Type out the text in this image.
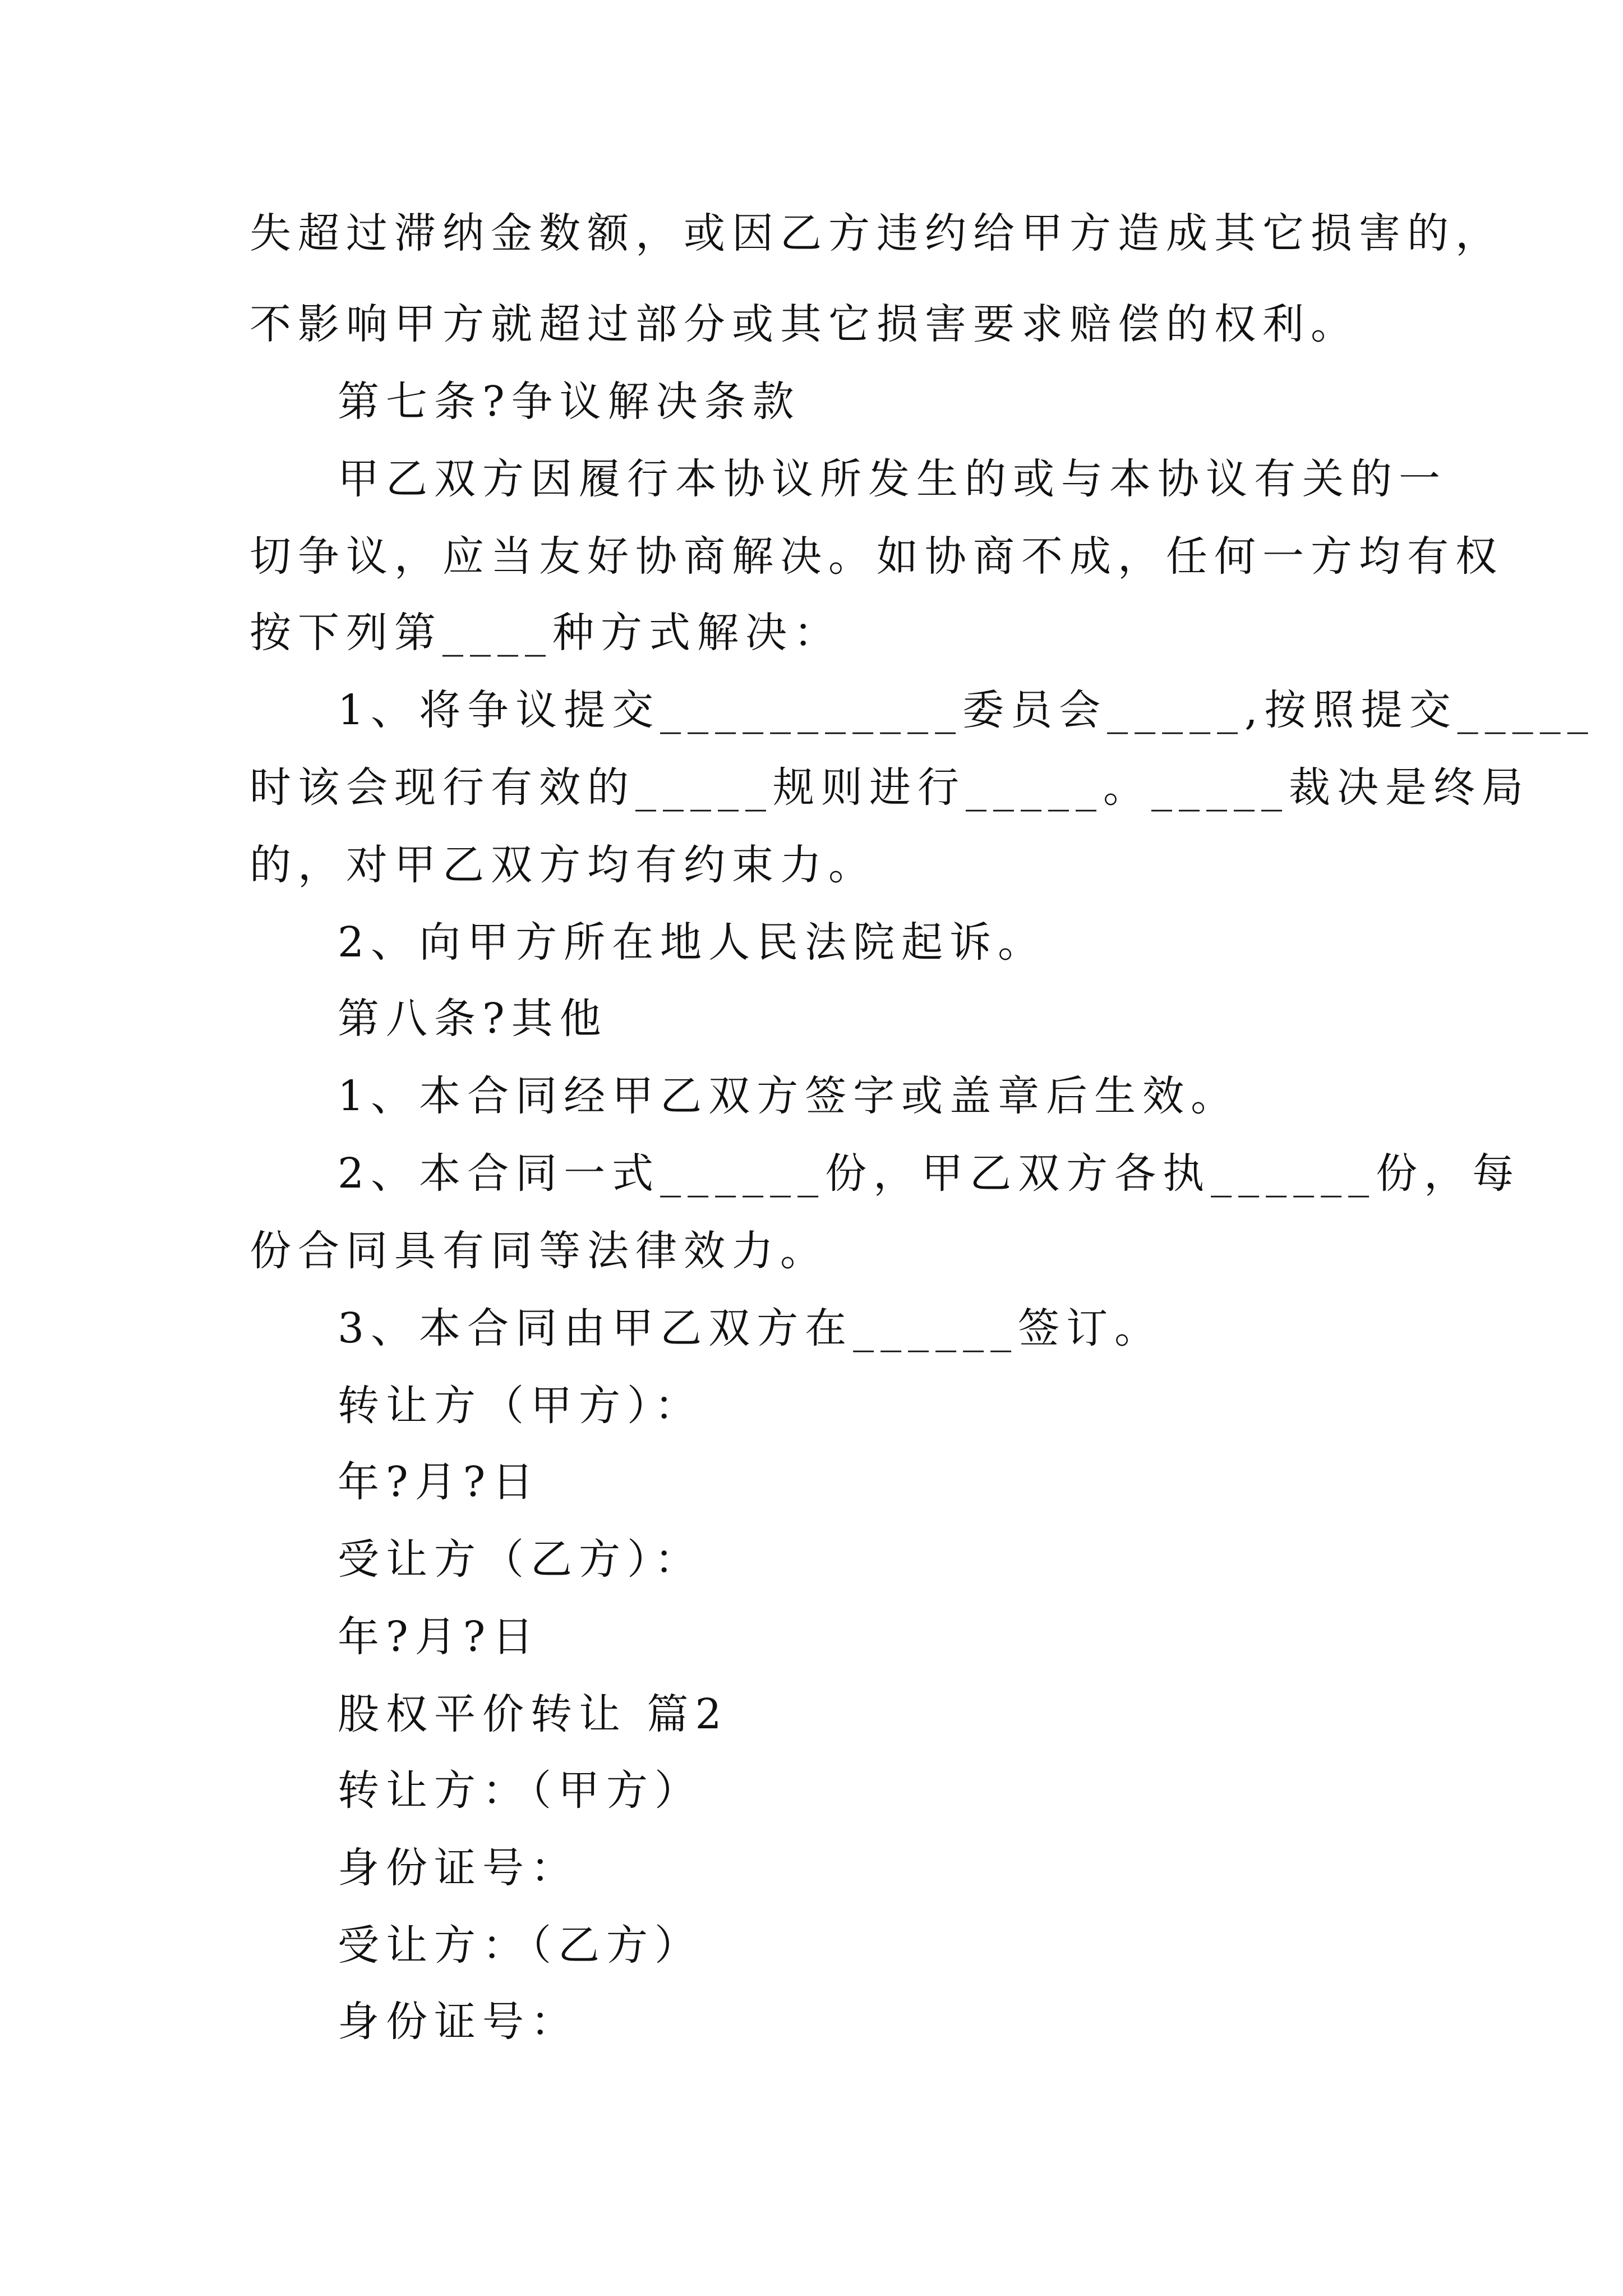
失超过滞纳金数额，或因乙方违约给甲方造成其它损害的，
不影响甲方就超过部分或其它损害要求赔偿的权利。
第七条?争议解决条款
甲乙双方因履行本协议所发生的或与本协议有关的一
切争议，应当友好协商解决。如协商不成，任何一方均有权
按下列第____种方式解决：
1、将争议提交___________委员会_____,按照提交_____
时该会现行有效的_____规则进行_____。_____裁决是终局
的，对甲乙双方均有约束力。
2、向甲方所在地人民法院起诉。
第八条?其他
1、本合同经甲乙双方签字或盖章后生效。
2、本合同一式______份，甲乙双方各执______份，每
份合同具有同等法律效力。
3、本合同由甲乙双方在______签订。
转让方（甲方）：
年?月?日
受让方（乙方）：
年?月?日
股权平价转让 篇2
转让方：（甲方）
身份证号：
受让方：（乙方）
身份证号：
